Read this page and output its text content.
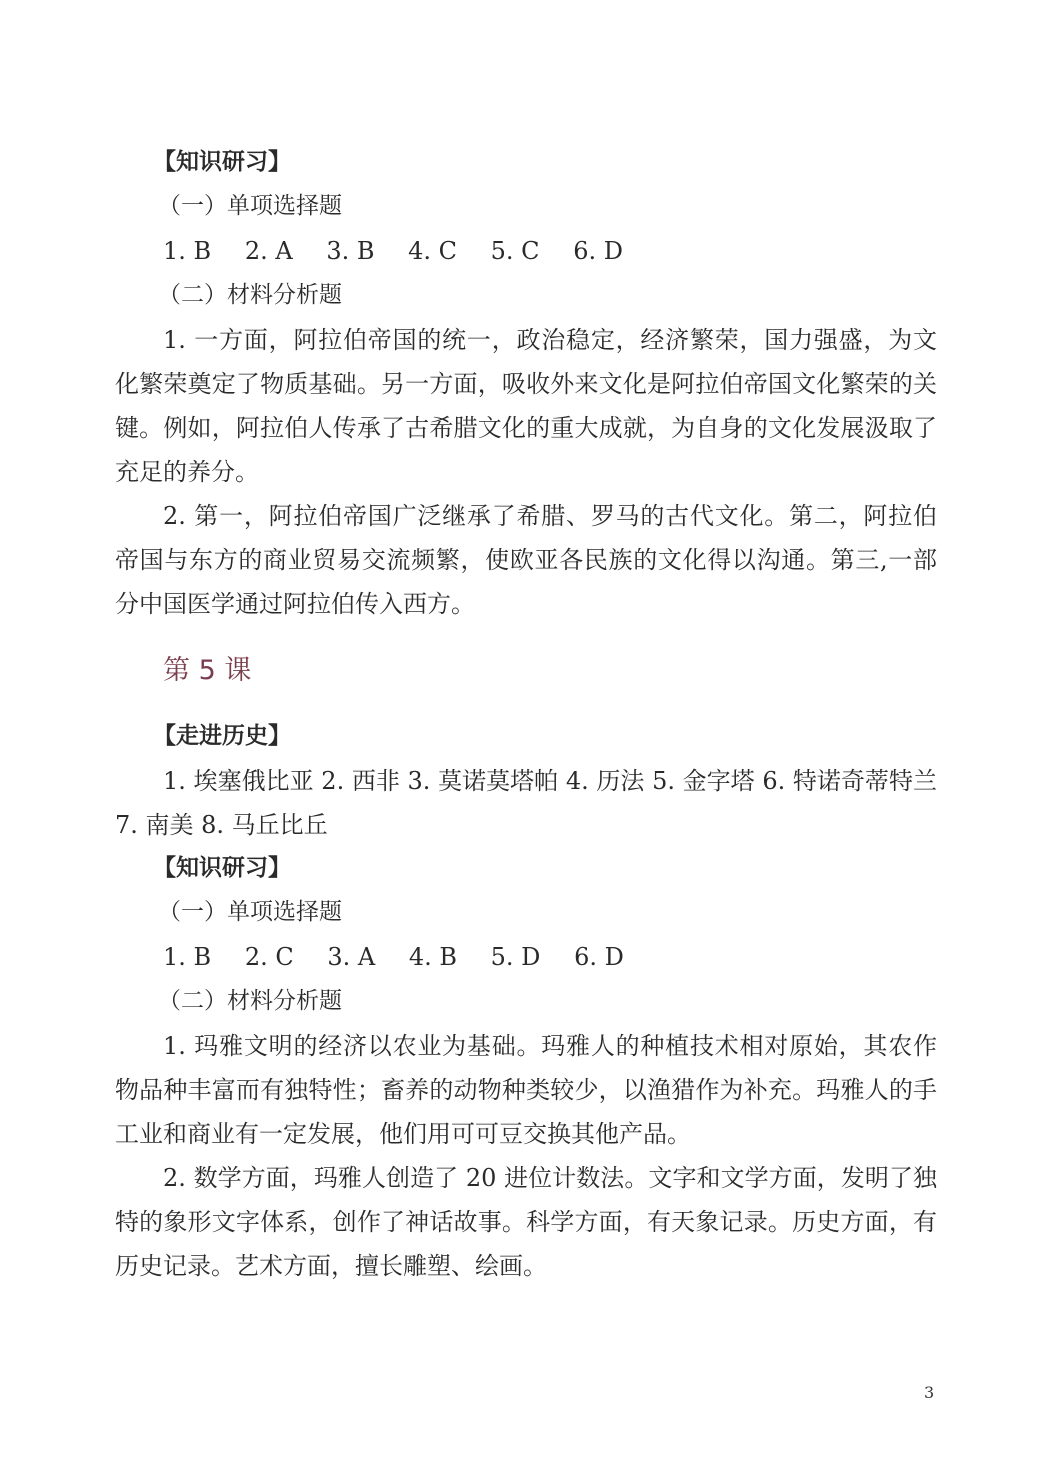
【知识研习】
（一）单项选择题
1. B 2. A 3. B 4. C 5. C 6. D
（二）材料分析题

1. 一方面，阿拉伯帝国的统一，政治稳定，经济繁荣，国力强盛，为文化繁荣奠定了物质基础。另一方面，吸收外来文化是阿拉伯帝国文化繁荣的关键。例如，阿拉伯人传承了古希腊文化的重大成就，为自身的文化发展汲取了充足的养分。

2. 第一，阿拉伯帝国广泛继承了希腊、罗马的古代文化。第二，阿拉伯帝国与东方的商业贸易交流频繁，使欧亚各民族的文化得以沟通。第三,一部分中国医学通过阿拉伯传入西方。

第 5 课
【走进历史】

1. 埃塞俄比亚 2. 西非 3. 莫诺莫塔帕 4. 历法 5. 金字塔 6. 特诺奇蒂特兰 7. 南美 8. 马丘比丘

【知识研习】
（一）单项选择题
1. B 2. C 3. A 4. B 5. D 6. D
（二）材料分析题

1. 玛雅文明的经济以农业为基础。玛雅人的种植技术相对原始，其农作物品种丰富而有独特性；畜养的动物种类较少，以渔猎作为补充。玛雅人的手工业和商业有一定发展，他们用可可豆交换其他产品。

2. 数学方面，玛雅人创造了 20 进位计数法。文字和文学方面，发明了独特的象形文字体系，创作了神话故事。科学方面，有天象记录。历史方面，有历史记录。艺术方面，擅长雕塑、绘画。

3
